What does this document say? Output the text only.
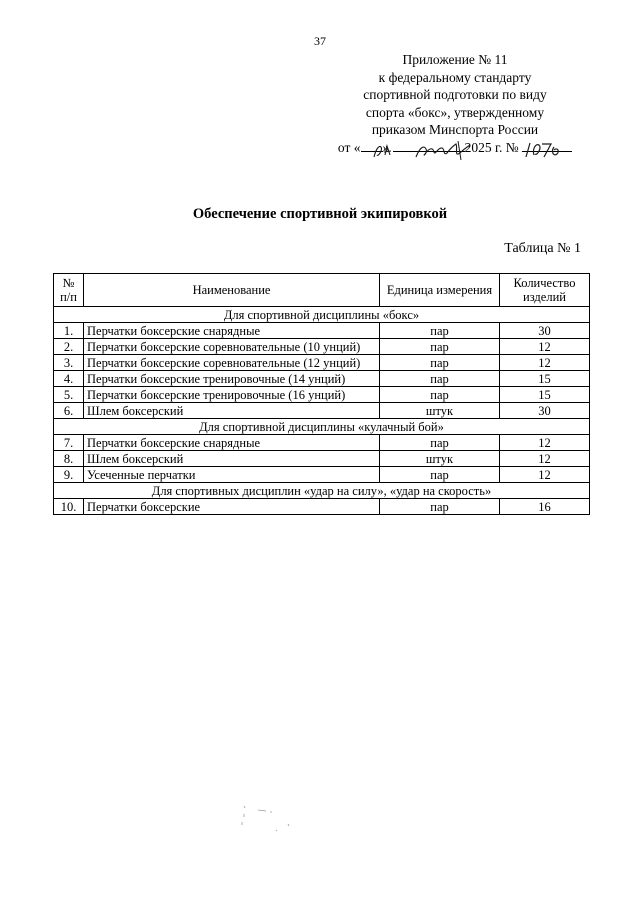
37
Приложение № 11
к федеральному стандарту
спортивной подготовки по виду
спорта «бокс», утвержденному
приказом Минспорта России
от « »	2025 г. №
Обеспечение спортивной экипировкой
Таблица № 1
№ п/п	Наименование	Единица измерения	Количество изделий
Для спортивной дисциплины «бокс»			
1.	Перчатки боксерские снарядные	пар	30
2.	Перчатки боксерские соревновательные (10 унций)	пар	12
3.	Перчатки боксерские соревновательные (12 унций)	пар	12
4.	Перчатки боксерские тренировочные (14 унций)	пар	15
5.	Перчатки боксерские тренировочные (16 унций)	пар	15
6.	Шлем боксерский	штук	30
Для спортивной дисциплины «кулачный бой»			
7.	Перчатки боксерские снарядные	пар	12
8.	Шлем боксерский	штук	12
9.	Усеченные перчатки	пар	12
Для спортивных дисциплин «удар на силу», «удар на скорость»			
10.	Перчатки боксерские	пар	16
